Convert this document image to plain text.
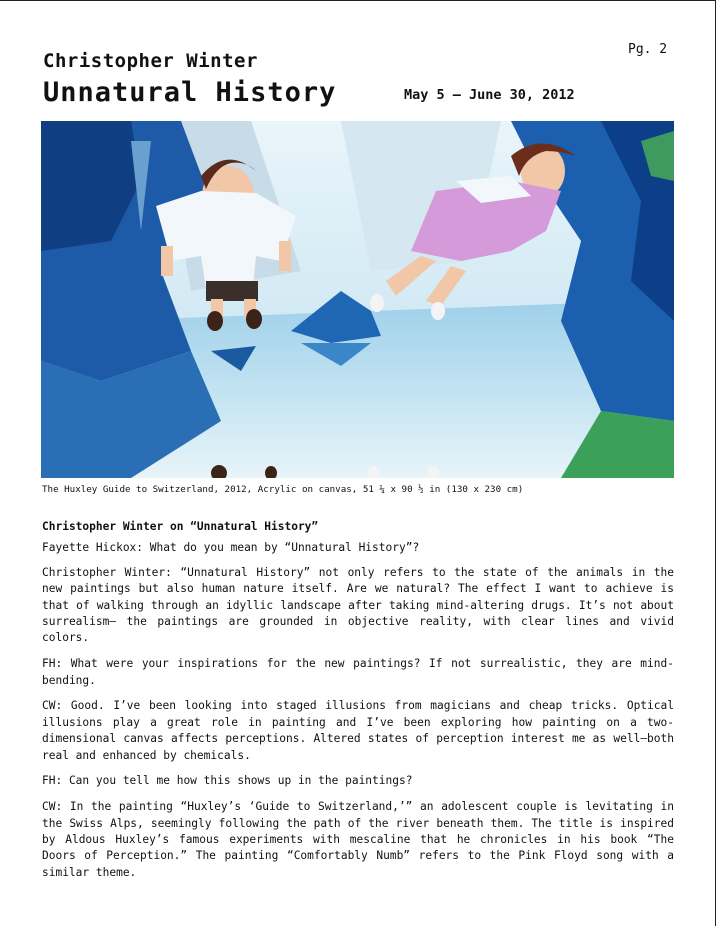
Pg. 2
Christopher Winter
Unnatural History	May 5 – June 30, 2012
The Huxley Guide to Switzerland, 2012, Acrylic on canvas, 51 ¼ x 90 ½ in (130 x 230 cm)

Christopher Winter on “Unnatural History”

Fayette Hickox: What do you mean by “Unnatural History”?

Christopher Winter: “Unnatural History” not only refers to the state of the animals in the new paintings but also human nature itself. Are we natural? The effect I want to achieve is that of walking through an idyllic landscape after taking mind-altering drugs. It’s not about surrealism— the paintings are grounded in objective reality, with clear lines and vivid colors.

FH: What were your inspirations for the new paintings? If not surrealistic, they are mind-bending.

CW: Good. I’ve been looking into staged illusions from magicians and cheap tricks. Optical illusions play a great role in painting and I’ve been exploring how painting on a two-dimensional canvas affects perceptions. Altered states of perception interest me as well—both real and enhanced by chemicals.

FH: Can you tell me how this shows up in the paintings?

CW: In the painting “Huxley’s ‘Guide to Switzerland,’” an adolescent couple is levitating in the Swiss Alps, seemingly following the path of the river beneath them. The title is inspired by Aldous Huxley’s famous experiments with mescaline that he chronicles in his book “The Doors of Perception.” The painting “Comfortably Numb” refers to the Pink Floyd song with a similar theme.
